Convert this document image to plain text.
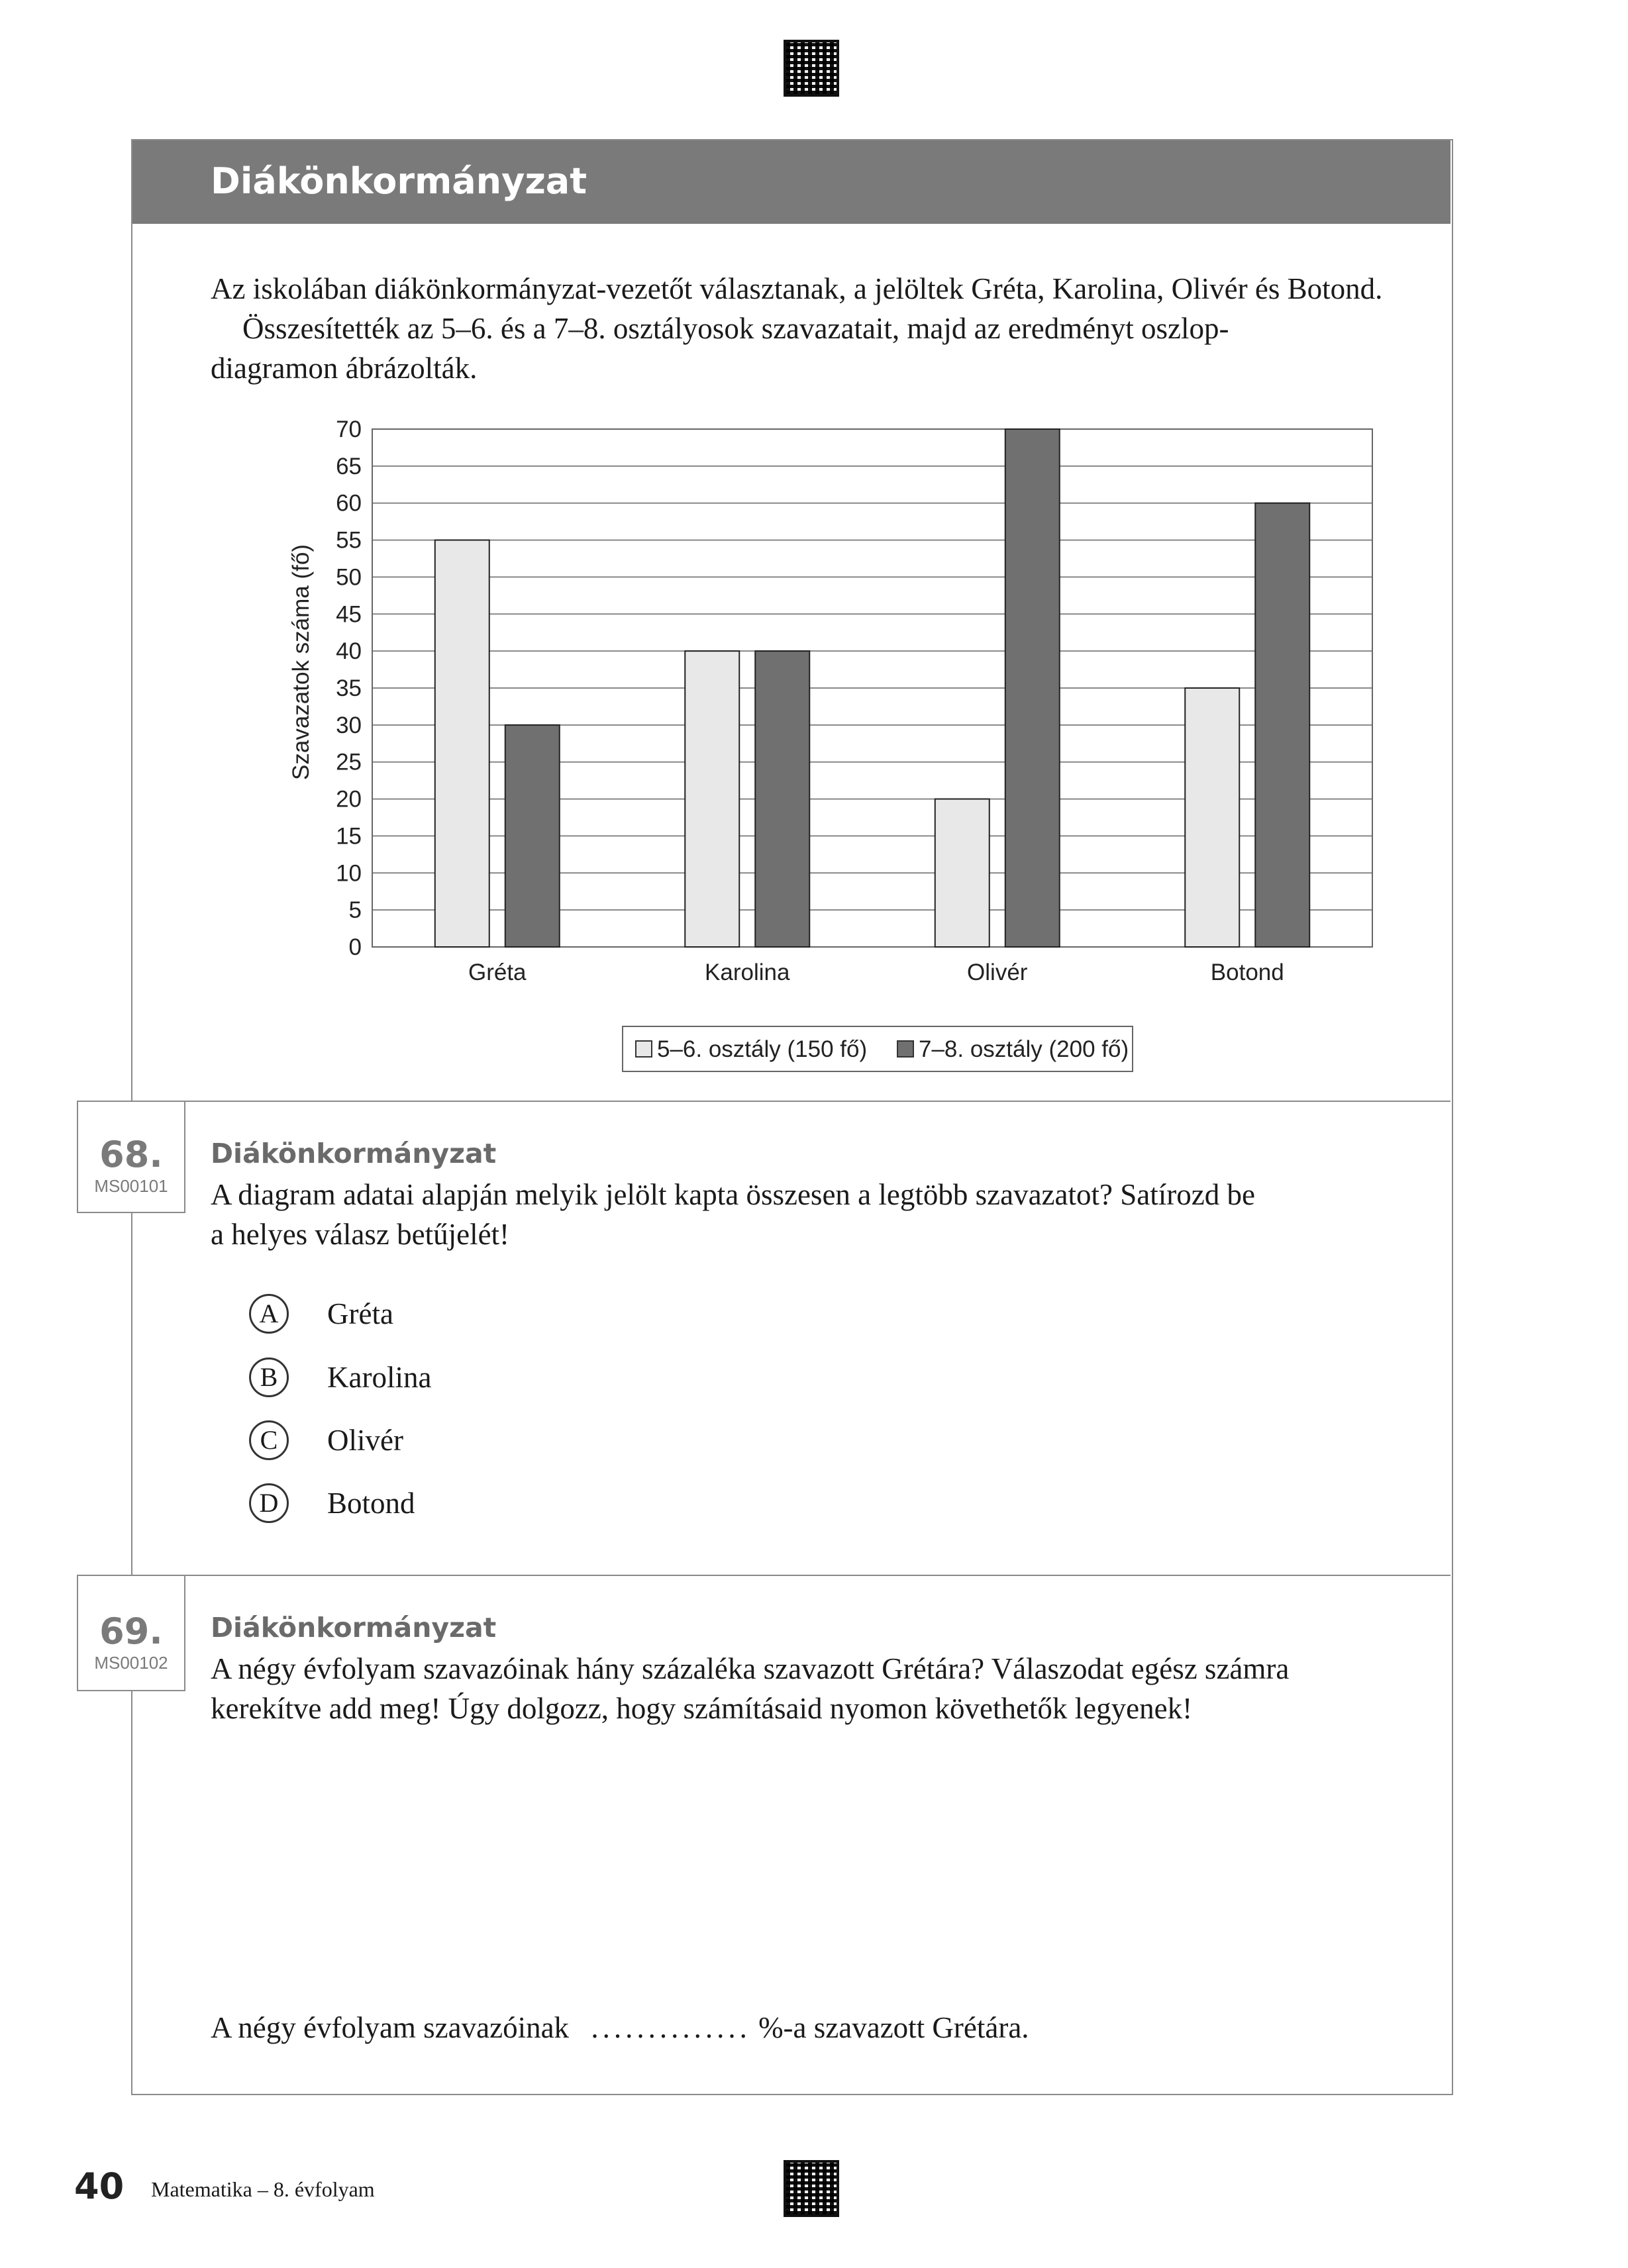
Diákönkormányzat
Az iskolában diákönkormányzat-vezetőt választanak, a jelöltek Gréta, Karolina, Olivér és Botond.
Összesítették az 5–6. és a 7–8. osztályosok szavazatait, majd az eredményt oszlop-
diagramon ábrázolták.
0
5
10
15
20
25
30
35
40
45
50
55
60
65
70
Gréta	Karolina	Olivér	Botond
Szavazatok száma (fő)
5–6. osztály (150 fő) 7–8. osztály (200 fő)
68.
MS00101
Diákönkormányzat
A diagram adatai alapján melyik jelölt kapta összesen a legtöbb szavazatot? Satírozd be
a helyes válasz betűjelét!
A	Gréta
B	Karolina
C	Olivér
D	Botond
69.
MS00102
Diákönkormányzat
A négy évfolyam szavazóinak hány százaléka szavazott Grétára? Válaszodat egész számra
kerekítve add meg! Úgy dolgozz, hogy számításaid nyomon követhetők legyenek!
A négy évfolyam szavazóinak .............. %-a szavazott Grétára.
40 Matematika – 8. évfolyam
